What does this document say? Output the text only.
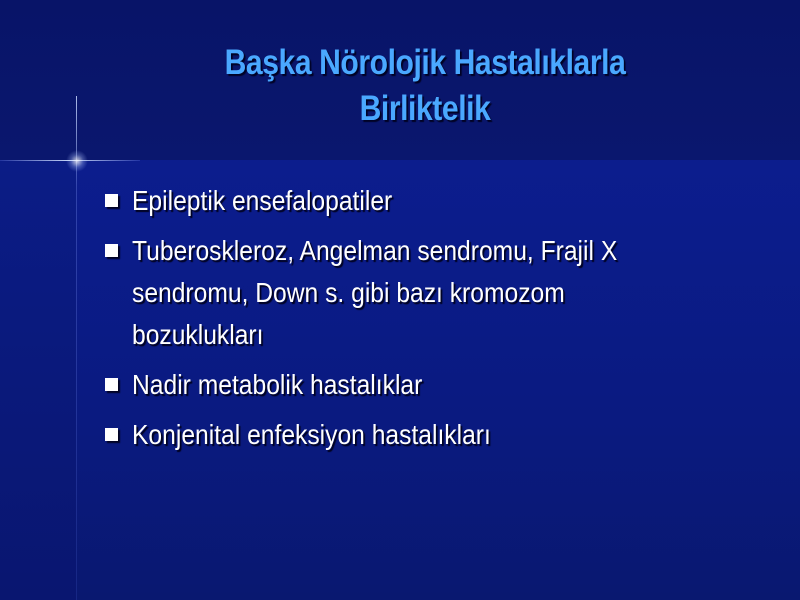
Başka Nörolojik Hastalıklarla
Birliktelik
Epileptik ensefalopatiler
Tuberoskleroz, Angelman sendromu, Frajil X
sendromu, Down s. gibi bazı kromozom
bozuklukları
Nadir metabolik hastalıklar
Konjenital enfeksiyon hastalıkları
